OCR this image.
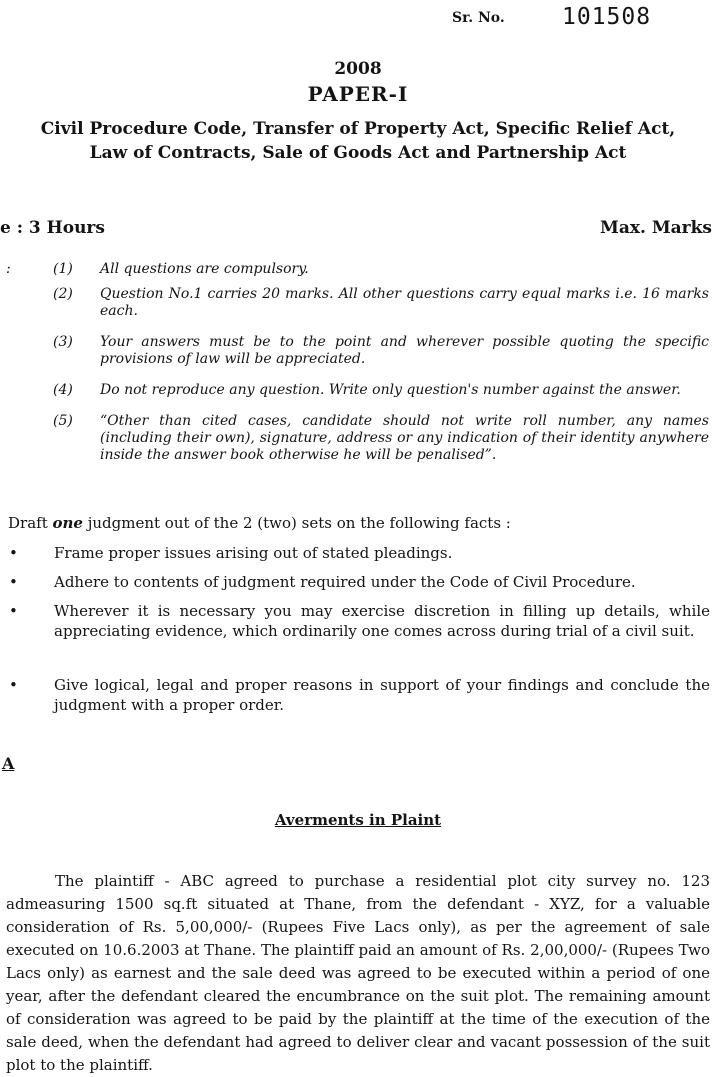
Sr. No. 101508
2008
PAPER-I
Civil Procedure Code, Transfer of Property Act, Specific Relief Act,
Law of Contracts, Sale of Goods Act and Partnership Act
e : 3 Hours	Max. Marks
:	(1) All questions are compulsory.
(2) Question No.1 carries 20 marks. All other questions carry equal marks i.e. 16 marks each.
(3) Your answers must be to the point and wherever possible quoting the specific provisions of law will be appreciated.
(4) Do not reproduce any question. Write only question's number against the answer.
(5) “Other than cited cases, candidate should not write roll number, any names (including their own), signature, address or any indication of their identity anywhere inside the answer book otherwise he will be penalised”.
Draft one judgment out of the 2 (two) sets on the following facts :
• Frame proper issues arising out of stated pleadings.
• Adhere to contents of judgment required under the Code of Civil Procedure.
• Wherever it is necessary you may exercise discretion in filling up details, while appreciating evidence, which ordinarily one comes across during trial of a civil suit.
• Give logical, legal and proper reasons in support of your findings and conclude the judgment with a proper order.
A
Averments in Plaint

The plaintiff - ABC agreed to purchase a residential plot city survey no. 123 admeasuring 1500 sq.ft situated at Thane, from the defendant - XYZ, for a valuable consideration of Rs. 5,00,000/- (Rupees Five Lacs only), as per the agreement of sale executed on 10.6.2003 at Thane. The plaintiff paid an amount of Rs. 2,00,000/- (Rupees Two Lacs only) as earnest and the sale deed was agreed to be executed within a period of one year, after the defendant cleared the encumbrance on the suit plot. The remaining amount of consideration was agreed to be paid by the plaintiff at the time of the execution of the sale deed, when the defendant had agreed to deliver clear and vacant possession of the suit plot to the plaintiff.
